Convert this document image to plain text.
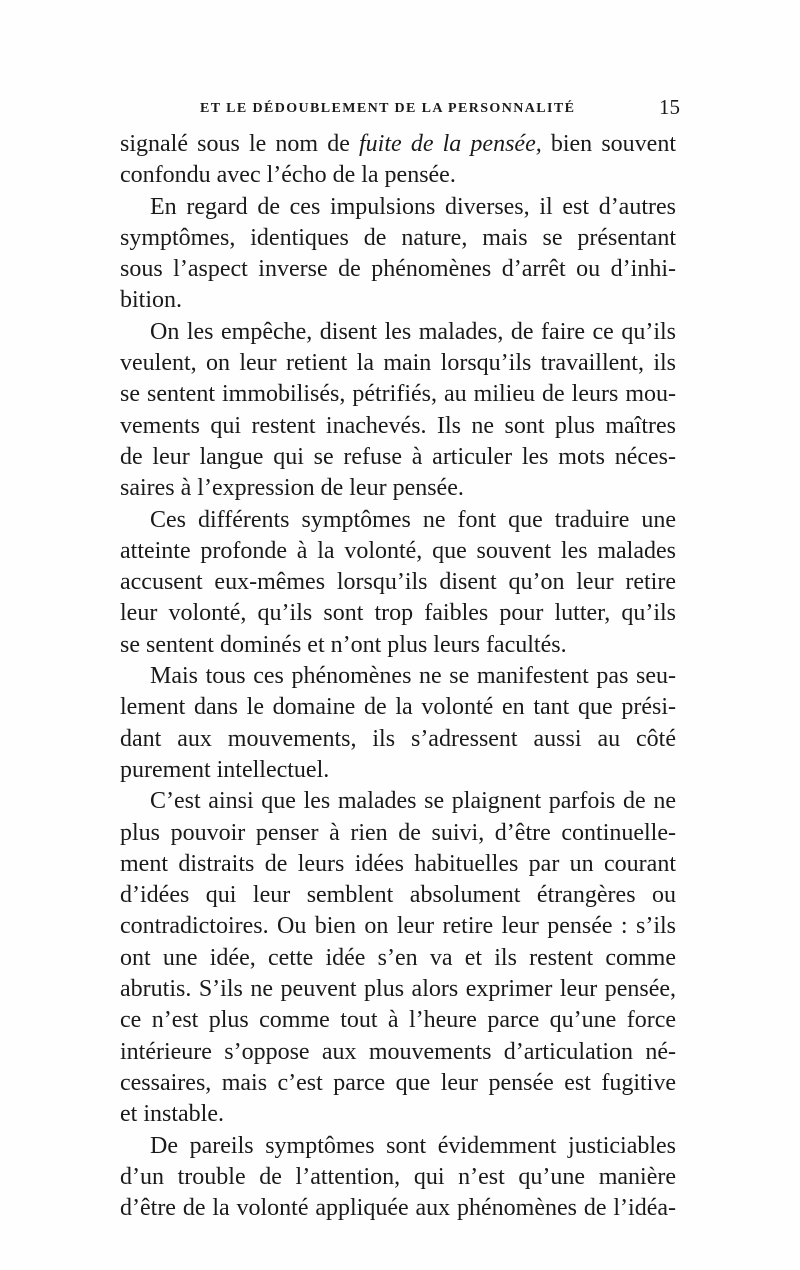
ET LE DÉDOUBLEMENT DE LA PERSONNALITÉ	15
signalé sous le nom de fuite de la pensée, bien souvent
confondu avec l’écho de la pensée.
En regard de ces impulsions diverses, il est d’autres
symptômes, identiques de nature, mais se présentant
sous l’aspect inverse de phénomènes d’arrêt ou d’inhi-
bition.
On les empêche, disent les malades, de faire ce qu’ils
veulent, on leur retient la main lorsqu’ils travaillent, ils
se sentent immobilisés, pétrifiés, au milieu de leurs mou-
vements qui restent inachevés. Ils ne sont plus maîtres
de leur langue qui se refuse à articuler les mots néces-
saires à l’expression de leur pensée.
Ces différents symptômes ne font que traduire une
atteinte profonde à la volonté, que souvent les malades
accusent eux-mêmes lorsqu’ils disent qu’on leur retire
leur volonté, qu’ils sont trop faibles pour lutter, qu’ils
se sentent dominés et n’ont plus leurs facultés.
Mais tous ces phénomènes ne se manifestent pas seu-
lement dans le domaine de la volonté en tant que prési-
dant aux mouvements, ils s’adressent aussi au côté
purement intellectuel.
C’est ainsi que les malades se plaignent parfois de ne
plus pouvoir penser à rien de suivi, d’être continuelle-
ment distraits de leurs idées habituelles par un courant
d’idées qui leur semblent absolument étrangères ou
contradictoires. Ou bien on leur retire leur pensée : s’ils
ont une idée, cette idée s’en va et ils restent comme
abrutis. S’ils ne peuvent plus alors exprimer leur pensée,
ce n’est plus comme tout à l’heure parce qu’une force
intérieure s’oppose aux mouvements d’articulation né-
cessaires, mais c’est parce que leur pensée est fugitive
et instable.
De pareils symptômes sont évidemment justiciables
d’un trouble de l’attention, qui n’est qu’une manière
d’être de la volonté appliquée aux phénomènes de l’idéa-
